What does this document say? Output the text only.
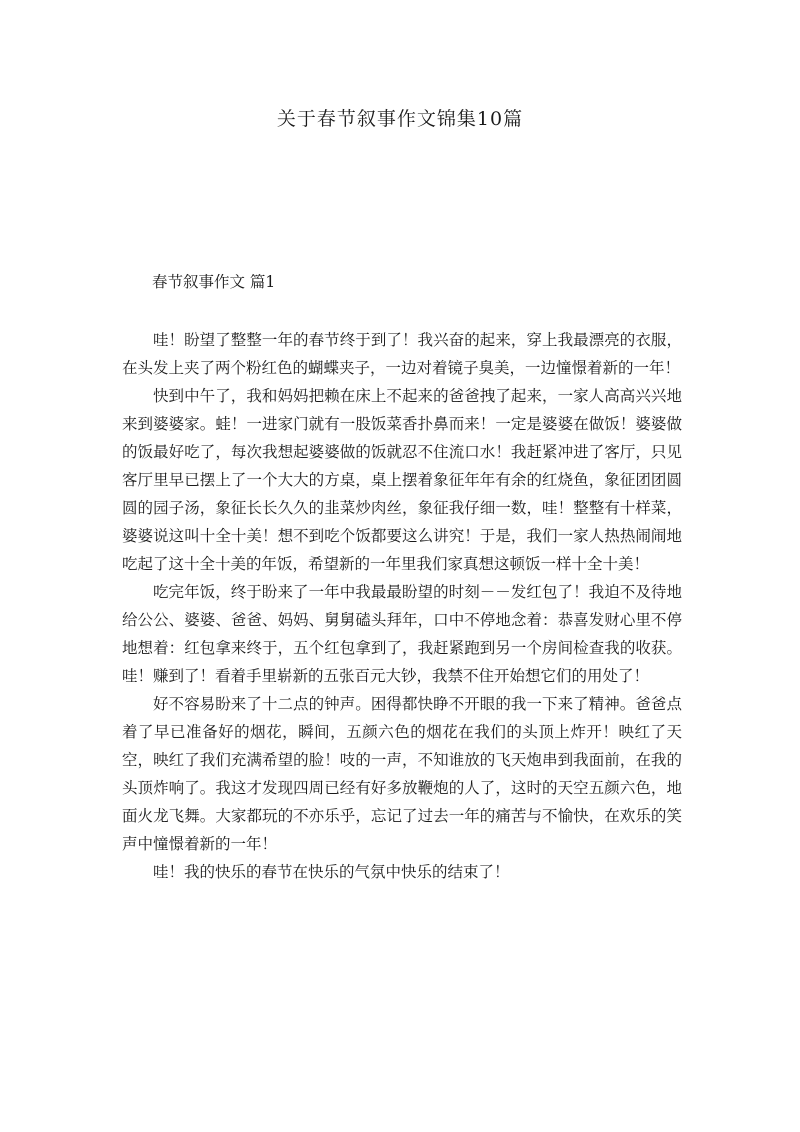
关于春节叙事作文锦集10篇
春节叙事作文 篇1

哇！盼望了整整一年的春节终于到了！我兴奋的起来，穿上我最漂亮的衣服，在头发上夹了两个粉红色的蝴蝶夹子，一边对着镜子臭美，一边憧憬着新的一年！

快到中午了，我和妈妈把赖在床上不起来的爸爸拽了起来，一家人高高兴兴地来到婆婆家。蛙！一进家门就有一股饭菜香扑鼻而来！一定是婆婆在做饭！婆婆做的饭最好吃了，每次我想起婆婆做的饭就忍不住流口水！我赶紧冲进了客厅，只见客厅里早已摆上了一个大大的方桌，桌上摆着象征年年有余的红烧鱼，象征团团圆圆的园子汤，象征长长久久的韭菜炒肉丝，象征我仔细一数，哇！整整有十样菜，婆婆说这叫十全十美！想不到吃个饭都要这么讲究！于是，我们一家人热热闹闹地吃起了这十全十美的年饭，希望新的一年里我们家真想这顿饭一样十全十美！

吃完年饭，终于盼来了一年中我最最盼望的时刻－－发红包了！我迫不及待地给公公、婆婆、爸爸、妈妈、舅舅磕头拜年，口中不停地念着：恭喜发财心里不停地想着：红包拿来终于，五个红包拿到了，我赶紧跑到另一个房间检查我的收获。哇！赚到了！看着手里崭新的五张百元大钞，我禁不住开始想它们的用处了！

好不容易盼来了十二点的钟声。困得都快睁不开眼的我一下来了精神。爸爸点着了早已准备好的烟花，瞬间，五颜六色的烟花在我们的头顶上炸开！映红了天空，映红了我们充满希望的脸！吱的一声，不知谁放的飞天炮串到我面前，在我的头顶炸响了。我这才发现四周已经有好多放鞭炮的人了，这时的天空五颜六色，地面火龙飞舞。大家都玩的不亦乐乎，忘记了过去一年的痛苦与不愉快，在欢乐的笑声中憧憬着新的一年！

哇！我的快乐的春节在快乐的气氛中快乐的结束了！
